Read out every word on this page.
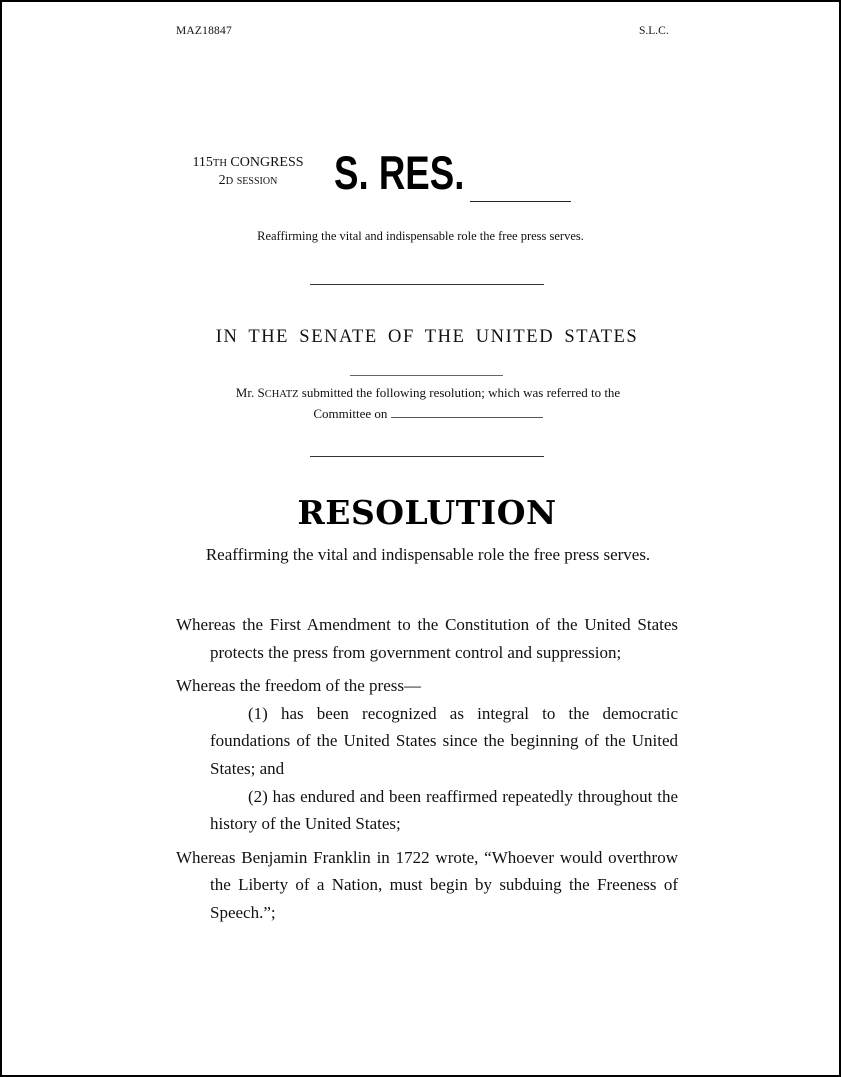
MAZ18847	S.L.C.
115TH CONGRESS
2D session	S. RES.
Reaffirming the vital and indispensable role the free press serves.
IN THE SENATE OF THE UNITED STATES
Mr. SCHATZ submitted the following resolution; which was referred to the
Committee on
RESOLUTION
Reaffirming the vital and indispensable role the free press serves.

Whereas the First Amendment to the Constitution of the United States protects the press from government control and suppression;

Whereas the freedom of the press—

(1) has been recognized as integral to the democratic foundations of the United States since the beginning of the United States; and

(2) has endured and been reaffirmed repeatedly throughout the history of the United States;

Whereas Benjamin Franklin in 1722 wrote, “Whoever would overthrow the Liberty of a Nation, must begin by subduing the Freeness of Speech.”;
